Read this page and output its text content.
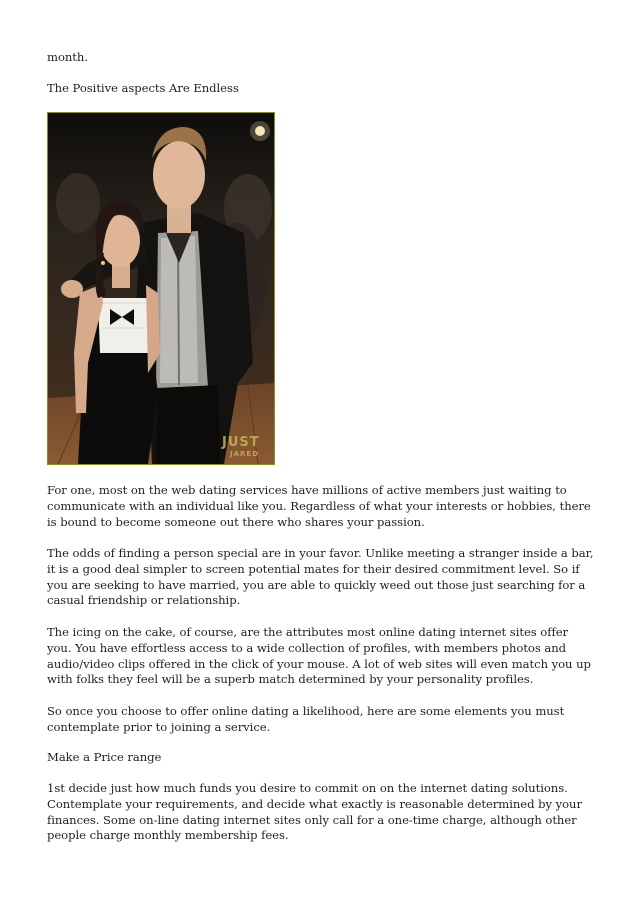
month.

The Positive aspects Are Endless

JUST
JARED

For one, most on the web dating services have millions of active members just waiting to communicate with an individual like you. Regardless of what your interests or hobbies, there is bound to become someone out there who shares your passion.

The odds of finding a person special are in your favor. Unlike meeting a stranger inside a bar, it is a good deal simpler to screen potential mates for their desired commitment level. So if you are seeking to have married, you are able to quickly weed out those just searching for a casual friendship or relationship.

The icing on the cake, of course, are the attributes most online dating internet sites offer you. You have effortless access to a wide collection of profiles, with members photos and audio/video clips offered in the click of your mouse. A lot of web sites will even match you up with folks they feel will be a superb match determined by your personality profiles.

So once you choose to offer online dating a likelihood, here are some elements you must contemplate prior to joining a service.

Make a Price range

1st decide just how much funds you desire to commit on on the internet dating solutions. Contemplate your requirements, and decide what exactly is reasonable determined by your finances. Some on-line dating internet sites only call for a one-time charge, although other people charge monthly membership fees.
